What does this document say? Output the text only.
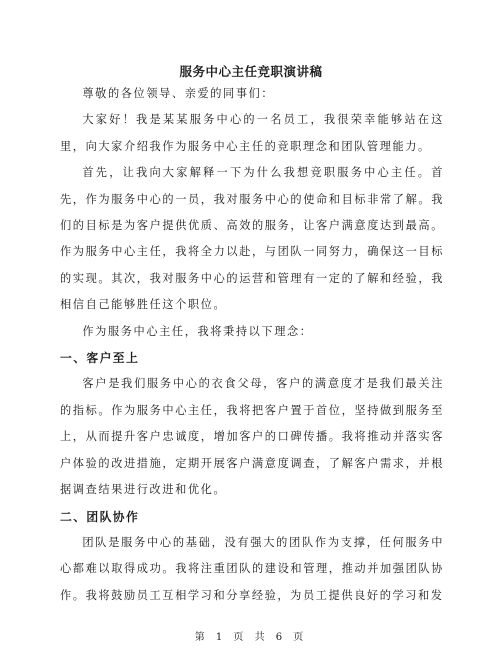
服务中心主任竞职演讲稿

尊敬的各位领导、亲爱的同事们：

大家好！我是某某服务中心的一名员工，我很荣幸能够站在这里，向大家介绍我作为服务中心主任的竞职理念和团队管理能力。

首先，让我向大家解释一下为什么我想竞职服务中心主任。首先，作为服务中心的一员，我对服务中心的使命和目标非常了解。我们的目标是为客户提供优质、高效的服务，让客户满意度达到最高。作为服务中心主任，我将全力以赴，与团队一同努力，确保这一目标的实现。其次，我对服务中心的运营和管理有一定的了解和经验，我相信自己能够胜任这个职位。

作为服务中心主任，我将秉持以下理念：

一、客户至上

客户是我们服务中心的衣食父母，客户的满意度才是我们最关注的指标。作为服务中心主任，我将把客户置于首位，坚持做到服务至上，从而提升客户忠诚度，增加客户的口碑传播。我将推动并落实客户体验的改进措施，定期开展客户满意度调查，了解客户需求，并根据调查结果进行改进和优化。

二、团队协作

团队是服务中心的基础，没有强大的团队作为支撑，任何服务中心都难以取得成功。我将注重团队的建设和管理，推动并加强团队协作。我将鼓励员工互相学习和分享经验，为员工提供良好的学习和发

第 1 页 共 6 页
